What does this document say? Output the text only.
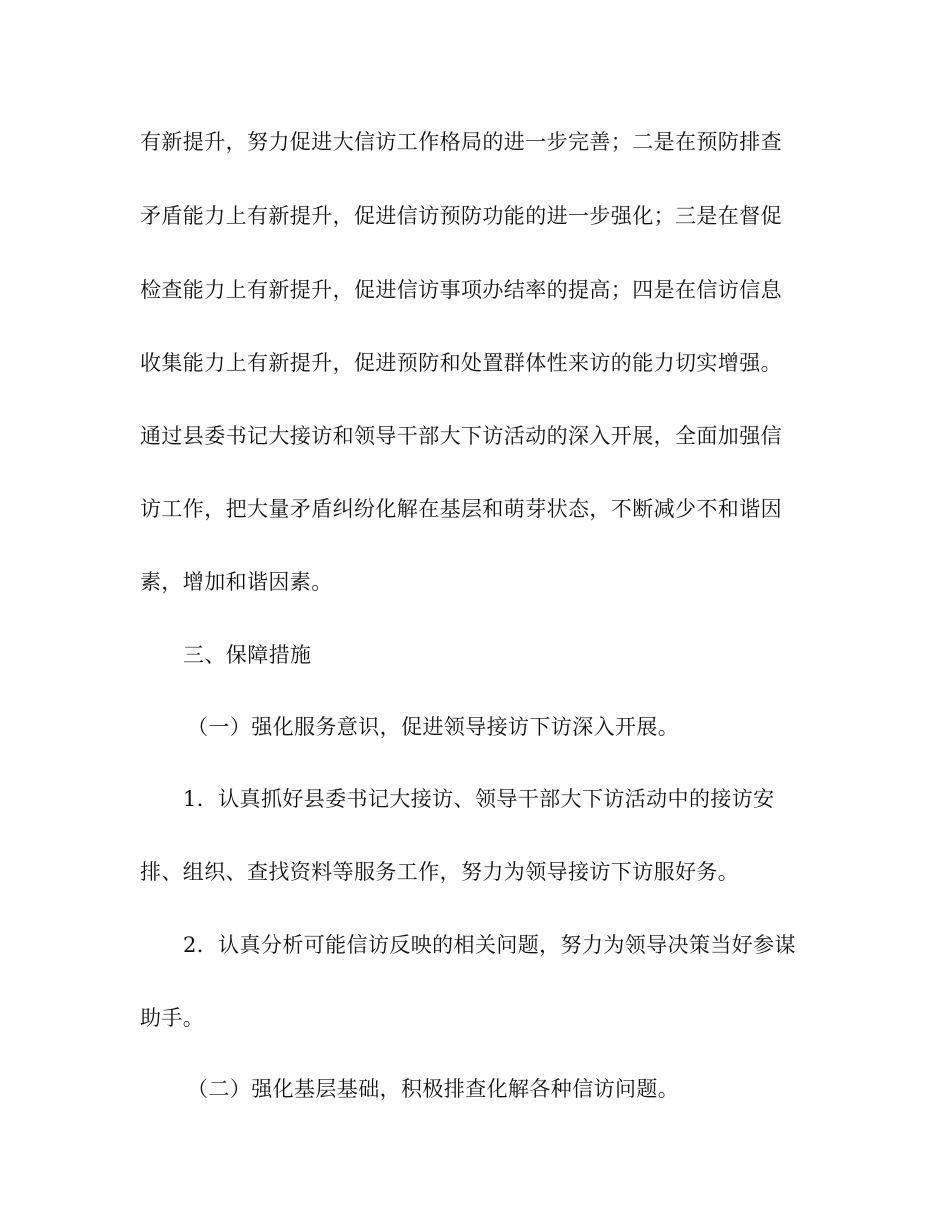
有新提升，努力促进大信访工作格局的进一步完善；二是在预防排查
矛盾能力上有新提升，促进信访预防功能的进一步强化；三是在督促
检查能力上有新提升，促进信访事项办结率的提高；四是在信访信息
收集能力上有新提升，促进预防和处置群体性来访的能力切实增强。
通过县委书记大接访和领导干部大下访活动的深入开展，全面加强信
访工作，把大量矛盾纠纷化解在基层和萌芽状态，不断减少不和谐因
素，增加和谐因素。
三、保障措施
（一）强化服务意识，促进领导接访下访深入开展。
1．认真抓好县委书记大接访、领导干部大下访活动中的接访安
排、组织、查找资料等服务工作，努力为领导接访下访服好务。
2．认真分析可能信访反映的相关问题，努力为领导决策当好参谋
助手。
（二）强化基层基础，积极排查化解各种信访问题。
